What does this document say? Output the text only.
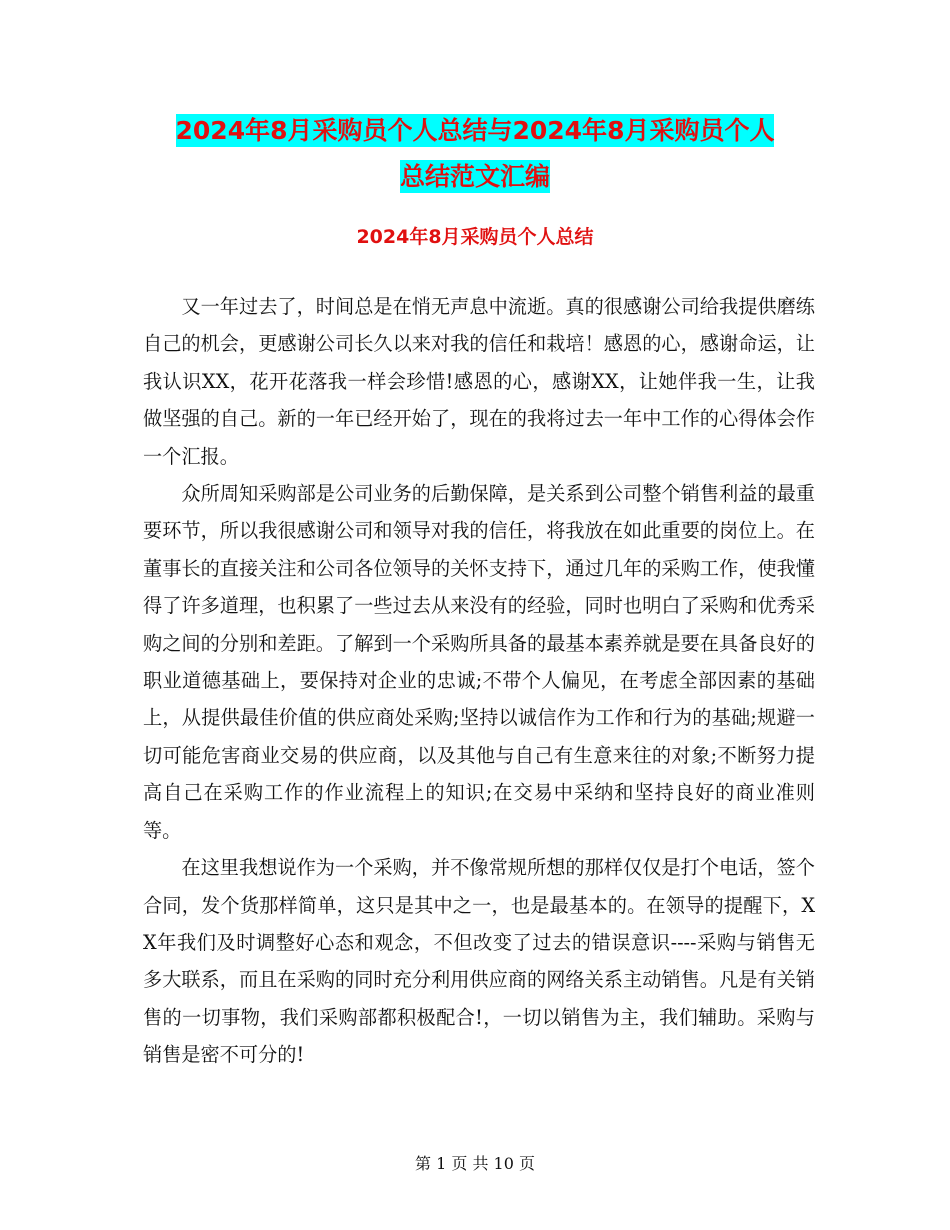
2024年8月采购员个人总结与2024年8月采购员个人
总结范文汇编
2024年8月采购员个人总结

又一年过去了，时间总是在悄无声息中流逝。真的很感谢公司给我提供磨练自己的机会，更感谢公司长久以来对我的信任和栽培！感恩的心，感谢命运，让我认识XX，花开花落我一样会珍惜!感恩的心，感谢XX，让她伴我一生，让我做坚强的自己。新的一年已经开始了，现在的我将过去一年中工作的心得体会作一个汇报。

众所周知采购部是公司业务的后勤保障，是关系到公司整个销售利益的最重要环节，所以我很感谢公司和领导对我的信任，将我放在如此重要的岗位上。在董事长的直接关注和公司各位领导的关怀支持下，通过几年的采购工作，使我懂得了许多道理，也积累了一些过去从来没有的经验，同时也明白了采购和优秀采购之间的分别和差距。了解到一个采购所具备的最基本素养就是要在具备良好的职业道德基础上，要保持对企业的忠诚;不带个人偏见，在考虑全部因素的基础上，从提供最佳价值的供应商处采购;坚持以诚信作为工作和行为的基础;规避一切可能危害商业交易的供应商，以及其他与自己有生意来往的对象;不断努力提高自己在采购工作的作业流程上的知识;在交易中采纳和坚持良好的商业准则等。

在这里我想说作为一个采购，并不像常规所想的那样仅仅是打个电话，签个合同，发个货那样简单，这只是其中之一，也是最基本的。在领导的提醒下，XX年我们及时调整好心态和观念，不但改变了过去的错误意识----采购与销售无多大联系，而且在采购的同时充分利用供应商的网络关系主动销售。凡是有关销售的一切事物，我们采购部都积极配合!，一切以销售为主，我们辅助。采购与销售是密不可分的!

第 1 页 共 10 页
